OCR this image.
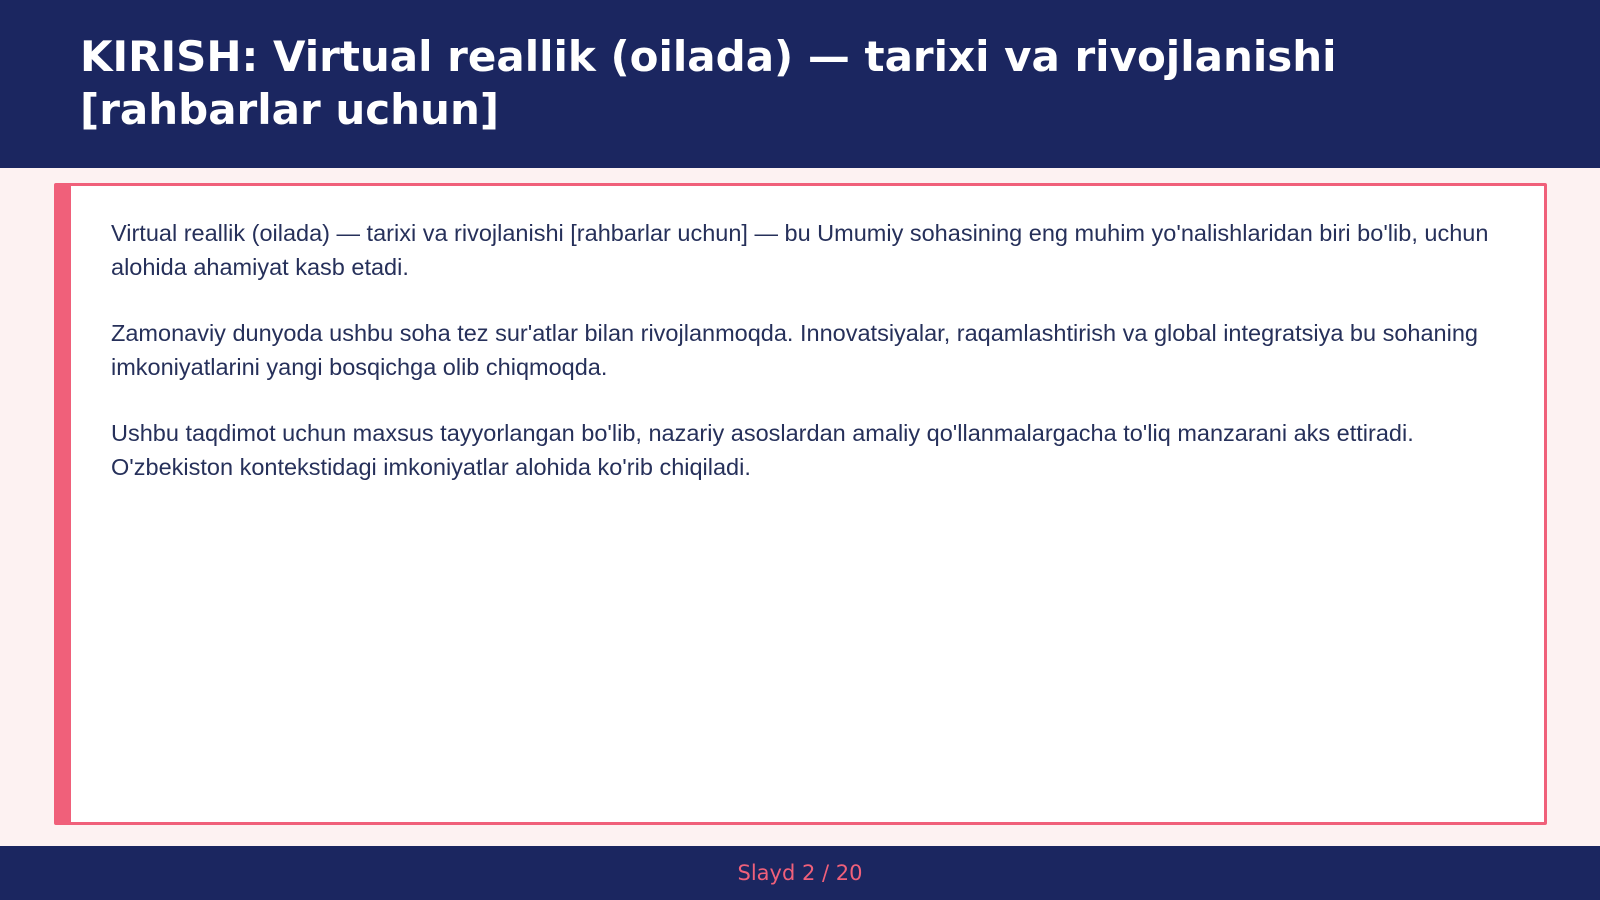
KIRISH: Virtual reallik (oilada) — tarixi va rivojlanishi [rahbarlar uchun]

Virtual reallik (oilada) — tarixi va rivojlanishi [rahbarlar uchun] — bu Umumiy sohasining eng muhim yo'nalishlaridan biri bo'lib, uchun alohida ahamiyat kasb etadi.

Zamonaviy dunyoda ushbu soha tez sur'atlar bilan rivojlanmoqda. Innovatsiyalar, raqamlashtirish va global integratsiya bu sohaning imkoniyatlarini yangi bosqichga olib chiqmoqda.

Ushbu taqdimot uchun maxsus tayyorlangan bo'lib, nazariy asoslardan amaliy qo'llanmalargacha to'liq manzarani aks ettiradi. O'zbekiston kontekstidagi imkoniyatlar alohida ko'rib chiqiladi.

Slayd 2 / 20
